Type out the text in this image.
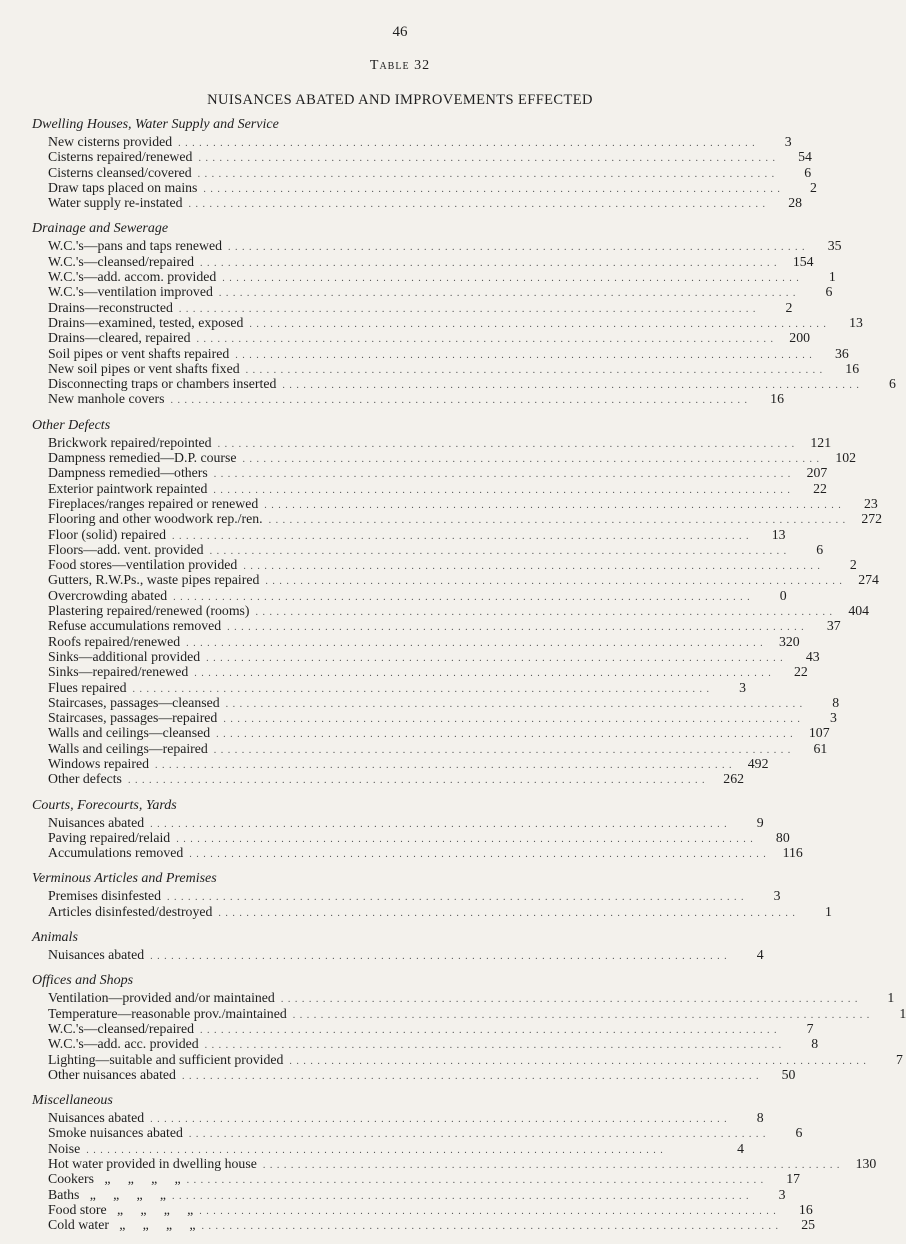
46
Table 32
NUISANCES ABATED AND IMPROVEMENTS EFFECTED
Dwelling Houses, Water Supply and Service
New cisterns provided . . . . . . . . . . . . . . . . . . . . . . . . . . . . . . . . . . . . . . . . . . . . . . . . . . . . . . . . . . . . . . . . . . . . . . . . . . . . . . . . . . .	3
Cisterns repaired/renewed . . . . . . . . . . . . . . . . . . . . . . . . . . . . . . . . . . . . . . . . . . . . . . . . . . . . . . . . . . . . . . . . . . . . . . . . . . . . . . . . . . .	54
Cisterns cleansed/covered . . . . . . . . . . . . . . . . . . . . . . . . . . . . . . . . . . . . . . . . . . . . . . . . . . . . . . . . . . . . . . . . . . . . . . . . . . . . . . . . . . .	6
Draw taps placed on mains . . . . . . . . . . . . . . . . . . . . . . . . . . . . . . . . . . . . . . . . . . . . . . . . . . . . . . . . . . . . . . . . . . . . . . . . . . . . . . . . . . .	2
Water supply re-instated . . . . . . . . . . . . . . . . . . . . . . . . . . . . . . . . . . . . . . . . . . . . . . . . . . . . . . . . . . . . . . . . . . . . . . . . . . . . . . . . . . .	28
Drainage and Sewerage
W.C.'s—pans and taps renewed . . . . . . . . . . . . . . . . . . . . . . . . . . . . . . . . . . . . . . . . . . . . . . . . . . . . . . . . . . . . . . . . . . . . . . . . . . . . . . . . . . .	35
W.C.'s—cleansed/repaired . . . . . . . . . . . . . . . . . . . . . . . . . . . . . . . . . . . . . . . . . . . . . . . . . . . . . . . . . . . . . . . . . . . . . . . . . . . . . . . . . . .	154
W.C.'s—add. accom. provided . . . . . . . . . . . . . . . . . . . . . . . . . . . . . . . . . . . . . . . . . . . . . . . . . . . . . . . . . . . . . . . . . . . . . . . . . . . . . . . . . . .	1
W.C.'s—ventilation improved . . . . . . . . . . . . . . . . . . . . . . . . . . . . . . . . . . . . . . . . . . . . . . . . . . . . . . . . . . . . . . . . . . . . . . . . . . . . . . . . . . .	6
Drains—reconstructed . . . . . . . . . . . . . . . . . . . . . . . . . . . . . . . . . . . . . . . . . . . . . . . . . . . . . . . . . . . . . . . . . . . . . . . . . . . . . . . . . . .	2
Drains—examined, tested, exposed . . . . . . . . . . . . . . . . . . . . . . . . . . . . . . . . . . . . . . . . . . . . . . . . . . . . . . . . . . . . . . . . . . . . . . . . . . . . . . . . . . .	13
Drains—cleared, repaired . . . . . . . . . . . . . . . . . . . . . . . . . . . . . . . . . . . . . . . . . . . . . . . . . . . . . . . . . . . . . . . . . . . . . . . . . . . . . . . . . . .	200
Soil pipes or vent shafts repaired . . . . . . . . . . . . . . . . . . . . . . . . . . . . . . . . . . . . . . . . . . . . . . . . . . . . . . . . . . . . . . . . . . . . . . . . . . . . . . . . . . .	36
New soil pipes or vent shafts fixed . . . . . . . . . . . . . . . . . . . . . . . . . . . . . . . . . . . . . . . . . . . . . . . . . . . . . . . . . . . . . . . . . . . . . . . . . . . . . . . . . . .	16
Disconnecting traps or chambers inserted . . . . . . . . . . . . . . . . . . . . . . . . . . . . . . . . . . . . . . . . . . . . . . . . . . . . . . . . . . . . . . . . . . . . . . . . . . . . . . . . . . .	6
New manhole covers . . . . . . . . . . . . . . . . . . . . . . . . . . . . . . . . . . . . . . . . . . . . . . . . . . . . . . . . . . . . . . . . . . . . . . . . . . . . . . . . . . .	16
Other Defects
Brickwork repaired/repointed . . . . . . . . . . . . . . . . . . . . . . . . . . . . . . . . . . . . . . . . . . . . . . . . . . . . . . . . . . . . . . . . . . . . . . . . . . . . . . . . . . .	121
Dampness remedied—D.P. course . . . . . . . . . . . . . . . . . . . . . . . . . . . . . . . . . . . . . . . . . . . . . . . . . . . . . . . . . . . . . . . . . . . . . . . . . . . . . . . . . . .	102
Dampness remedied—others . . . . . . . . . . . . . . . . . . . . . . . . . . . . . . . . . . . . . . . . . . . . . . . . . . . . . . . . . . . . . . . . . . . . . . . . . . . . . . . . . . .	207
Exterior paintwork repainted . . . . . . . . . . . . . . . . . . . . . . . . . . . . . . . . . . . . . . . . . . . . . . . . . . . . . . . . . . . . . . . . . . . . . . . . . . . . . . . . . . .	22
Fireplaces/ranges repaired or renewed . . . . . . . . . . . . . . . . . . . . . . . . . . . . . . . . . . . . . . . . . . . . . . . . . . . . . . . . . . . . . . . . . . . . . . . . . . . . . . . . . . .	23
Flooring and other woodwork rep./ren. . . . . . . . . . . . . . . . . . . . . . . . . . . . . . . . . . . . . . . . . . . . . . . . . . . . . . . . . . . . . . . . . . . . . . . . . . . . . . . . . . . .	272
Floor (solid) repaired . . . . . . . . . . . . . . . . . . . . . . . . . . . . . . . . . . . . . . . . . . . . . . . . . . . . . . . . . . . . . . . . . . . . . . . . . . . . . . . . . . .	13
Floors—add. vent. provided . . . . . . . . . . . . . . . . . . . . . . . . . . . . . . . . . . . . . . . . . . . . . . . . . . . . . . . . . . . . . . . . . . . . . . . . . . . . . . . . . . .	6
Food stores—ventilation provided . . . . . . . . . . . . . . . . . . . . . . . . . . . . . . . . . . . . . . . . . . . . . . . . . . . . . . . . . . . . . . . . . . . . . . . . . . . . . . . . . . .	2
Gutters, R.W.Ps., waste pipes repaired . . . . . . . . . . . . . . . . . . . . . . . . . . . . . . . . . . . . . . . . . . . . . . . . . . . . . . . . . . . . . . . . . . . . . . . . . . . . . . . . . . .	274
Overcrowding abated . . . . . . . . . . . . . . . . . . . . . . . . . . . . . . . . . . . . . . . . . . . . . . . . . . . . . . . . . . . . . . . . . . . . . . . . . . . . . . . . . . .	0
Plastering repaired/renewed (rooms) . . . . . . . . . . . . . . . . . . . . . . . . . . . . . . . . . . . . . . . . . . . . . . . . . . . . . . . . . . . . . . . . . . . . . . . . . . . . . . . . . . .	404
Refuse accumulations removed . . . . . . . . . . . . . . . . . . . . . . . . . . . . . . . . . . . . . . . . . . . . . . . . . . . . . . . . . . . . . . . . . . . . . . . . . . . . . . . . . . .	37
Roofs repaired/renewed . . . . . . . . . . . . . . . . . . . . . . . . . . . . . . . . . . . . . . . . . . . . . . . . . . . . . . . . . . . . . . . . . . . . . . . . . . . . . . . . . . .	320
Sinks—additional provided . . . . . . . . . . . . . . . . . . . . . . . . . . . . . . . . . . . . . . . . . . . . . . . . . . . . . . . . . . . . . . . . . . . . . . . . . . . . . . . . . . .	43
Sinks—repaired/renewed . . . . . . . . . . . . . . . . . . . . . . . . . . . . . . . . . . . . . . . . . . . . . . . . . . . . . . . . . . . . . . . . . . . . . . . . . . . . . . . . . . .	22
Flues repaired . . . . . . . . . . . . . . . . . . . . . . . . . . . . . . . . . . . . . . . . . . . . . . . . . . . . . . . . . . . . . . . . . . . . . . . . . . . . . . . . . . .	3
Staircases, passages—cleansed . . . . . . . . . . . . . . . . . . . . . . . . . . . . . . . . . . . . . . . . . . . . . . . . . . . . . . . . . . . . . . . . . . . . . . . . . . . . . . . . . . .	8
Staircases, passages—repaired . . . . . . . . . . . . . . . . . . . . . . . . . . . . . . . . . . . . . . . . . . . . . . . . . . . . . . . . . . . . . . . . . . . . . . . . . . . . . . . . . . .	3
Walls and ceilings—cleansed . . . . . . . . . . . . . . . . . . . . . . . . . . . . . . . . . . . . . . . . . . . . . . . . . . . . . . . . . . . . . . . . . . . . . . . . . . . . . . . . . . .	107
Walls and ceilings—repaired . . . . . . . . . . . . . . . . . . . . . . . . . . . . . . . . . . . . . . . . . . . . . . . . . . . . . . . . . . . . . . . . . . . . . . . . . . . . . . . . . . .	61
Windows repaired . . . . . . . . . . . . . . . . . . . . . . . . . . . . . . . . . . . . . . . . . . . . . . . . . . . . . . . . . . . . . . . . . . . . . . . . . . . . . . . . . . .	492
Other defects . . . . . . . . . . . . . . . . . . . . . . . . . . . . . . . . . . . . . . . . . . . . . . . . . . . . . . . . . . . . . . . . . . . . . . . . . . . . . . . . . . .	262
Courts, Forecourts, Yards
Nuisances abated . . . . . . . . . . . . . . . . . . . . . . . . . . . . . . . . . . . . . . . . . . . . . . . . . . . . . . . . . . . . . . . . . . . . . . . . . . . . . . . . . . .	9
Paving repaired/relaid . . . . . . . . . . . . . . . . . . . . . . . . . . . . . . . . . . . . . . . . . . . . . . . . . . . . . . . . . . . . . . . . . . . . . . . . . . . . . . . . . . .	80
Accumulations removed . . . . . . . . . . . . . . . . . . . . . . . . . . . . . . . . . . . . . . . . . . . . . . . . . . . . . . . . . . . . . . . . . . . . . . . . . . . . . . . . . . .	116
Verminous Articles and Premises
Premises disinfested . . . . . . . . . . . . . . . . . . . . . . . . . . . . . . . . . . . . . . . . . . . . . . . . . . . . . . . . . . . . . . . . . . . . . . . . . . . . . . . . . . .	3
Articles disinfested/destroyed . . . . . . . . . . . . . . . . . . . . . . . . . . . . . . . . . . . . . . . . . . . . . . . . . . . . . . . . . . . . . . . . . . . . . . . . . . . . . . . . . . .	1
Animals
Nuisances abated . . . . . . . . . . . . . . . . . . . . . . . . . . . . . . . . . . . . . . . . . . . . . . . . . . . . . . . . . . . . . . . . . . . . . . . . . . . . . . . . . . .	4
Offices and Shops
Ventilation—provided and/or maintained . . . . . . . . . . . . . . . . . . . . . . . . . . . . . . . . . . . . . . . . . . . . . . . . . . . . . . . . . . . . . . . . . . . . . . . . . . . . . . . . . . .	1
Temperature—reasonable prov./maintained . . . . . . . . . . . . . . . . . . . . . . . . . . . . . . . . . . . . . . . . . . . . . . . . . . . . . . . . . . . . . . . . . . . . . . . . . . . . . . . . . . .	1
W.C.'s—cleansed/repaired . . . . . . . . . . . . . . . . . . . . . . . . . . . . . . . . . . . . . . . . . . . . . . . . . . . . . . . . . . . . . . . . . . . . . . . . . . . . . . . . . . .	7
W.C.'s—add. acc. provided . . . . . . . . . . . . . . . . . . . . . . . . . . . . . . . . . . . . . . . . . . . . . . . . . . . . . . . . . . . . . . . . . . . . . . . . . . . . . . . . . . .	8
Lighting—suitable and sufficient provided . . . . . . . . . . . . . . . . . . . . . . . . . . . . . . . . . . . . . . . . . . . . . . . . . . . . . . . . . . . . . . . . . . . . . . . . . . . . . . . . . . .	7
Other nuisances abated . . . . . . . . . . . . . . . . . . . . . . . . . . . . . . . . . . . . . . . . . . . . . . . . . . . . . . . . . . . . . . . . . . . . . . . . . . . . . . . . . . .	50
Miscellaneous
Nuisances abated . . . . . . . . . . . . . . . . . . . . . . . . . . . . . . . . . . . . . . . . . . . . . . . . . . . . . . . . . . . . . . . . . . . . . . . . . . . . . . . . . . .	8
Smoke nuisances abated . . . . . . . . . . . . . . . . . . . . . . . . . . . . . . . . . . . . . . . . . . . . . . . . . . . . . . . . . . . . . . . . . . . . . . . . . . . . . . . . . . .	6
Noise . . . . . . . . . . . . . . . . . . . . . . . . . . . . . . . . . . . . . . . . . . . . . . . . . . . . . . . . . . . . . . . . . . . . . . . . . . . . . . . . . . .	4
Hot water provided in dwelling house . . . . . . . . . . . . . . . . . . . . . . . . . . . . . . . . . . . . . . . . . . . . . . . . . . . . . . . . . . . . . . . . . . . . . . . . . . . . . . . . . . .	130
Cookers   „     „     „     „ . . . . . . . . . . . . . . . . . . . . . . . . . . . . . . . . . . . . . . . . . . . . . . . . . . . . . . . . . . . . . . . . . . . . . . . . . . . . . . . . . . .	17
Baths   „     „     „     „ . . . . . . . . . . . . . . . . . . . . . . . . . . . . . . . . . . . . . . . . . . . . . . . . . . . . . . . . . . . . . . . . . . . . . . . . . . . . . . . . . . .	3
Food store   „     „     „     „ . . . . . . . . . . . . . . . . . . . . . . . . . . . . . . . . . . . . . . . . . . . . . . . . . . . . . . . . . . . . . . . . . . . . . . . . . . . . . . . . . . .	16
Cold water   „     „     „     „ . . . . . . . . . . . . . . . . . . . . . . . . . . . . . . . . . . . . . . . . . . . . . . . . . . . . . . . . . . . . . . . . . . . . . . . . . . . . . . . . . . .	25
